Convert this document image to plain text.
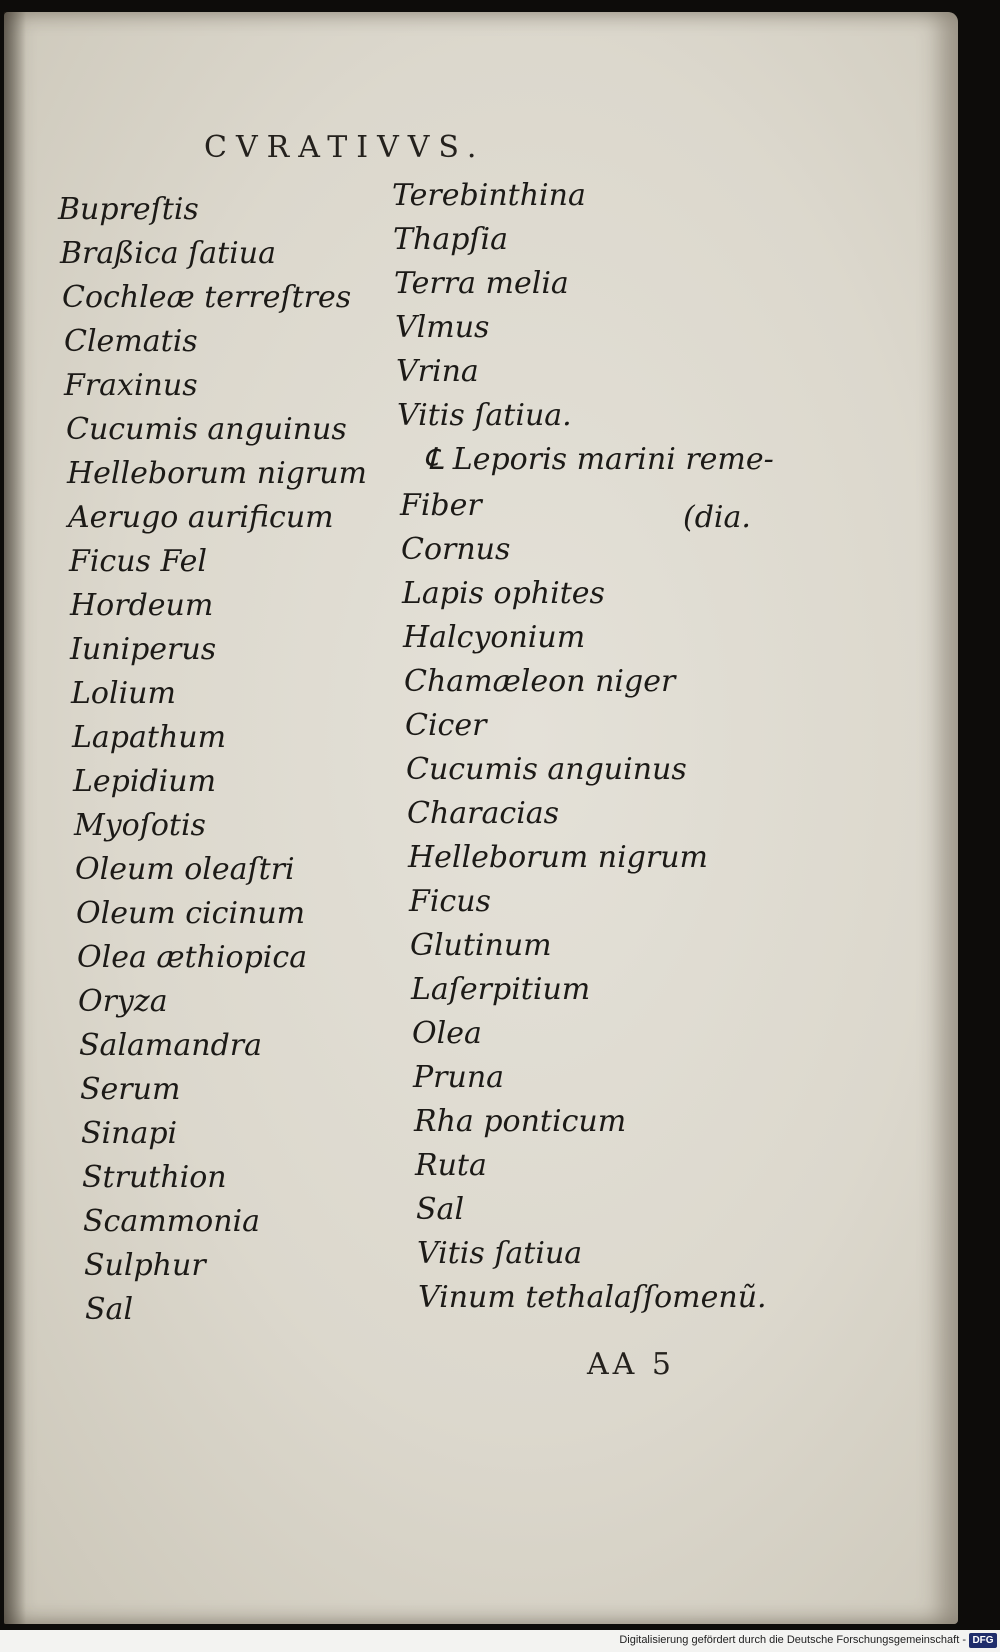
CVRATIVVS.
Bupreſtis
Braßica ſatiua
Cochleæ terreſtres
Clematis
Fraxinus
Cucumis anguinus
Helleborum nigrum
Aerugo aurificum
Ficus Fel
Hordeum
Iuniperus
Lolium
Lapathum
Lepidium
Myoſotis
Oleum oleaſtri
Oleum cicinum
Olea æthiopica
Oryza
Salamandra
Serum
Sinapi
Struthion
Scammonia
Sulphur
Sal
Terebinthina
Thapſia
Terra melia
Vlmus
Vrina
Vitis ſatiua.
℄ Leporis marini reme-
Fiber
Cornus
Lapis ophites
Halcyonium
Chamæleon niger
Cicer
Cucumis anguinus
Characias
Helleborum nigrum
Ficus
Glutinum
Laſerpitium
Olea
Pruna
Rha ponticum
Ruta
Sal
Vitis ſatiua
Vinum tethalaſſomenũ.
(dia.
AA 5
Digitalisierung gefördert durch die Deutsche Forschungsgemeinschaft - DFG
